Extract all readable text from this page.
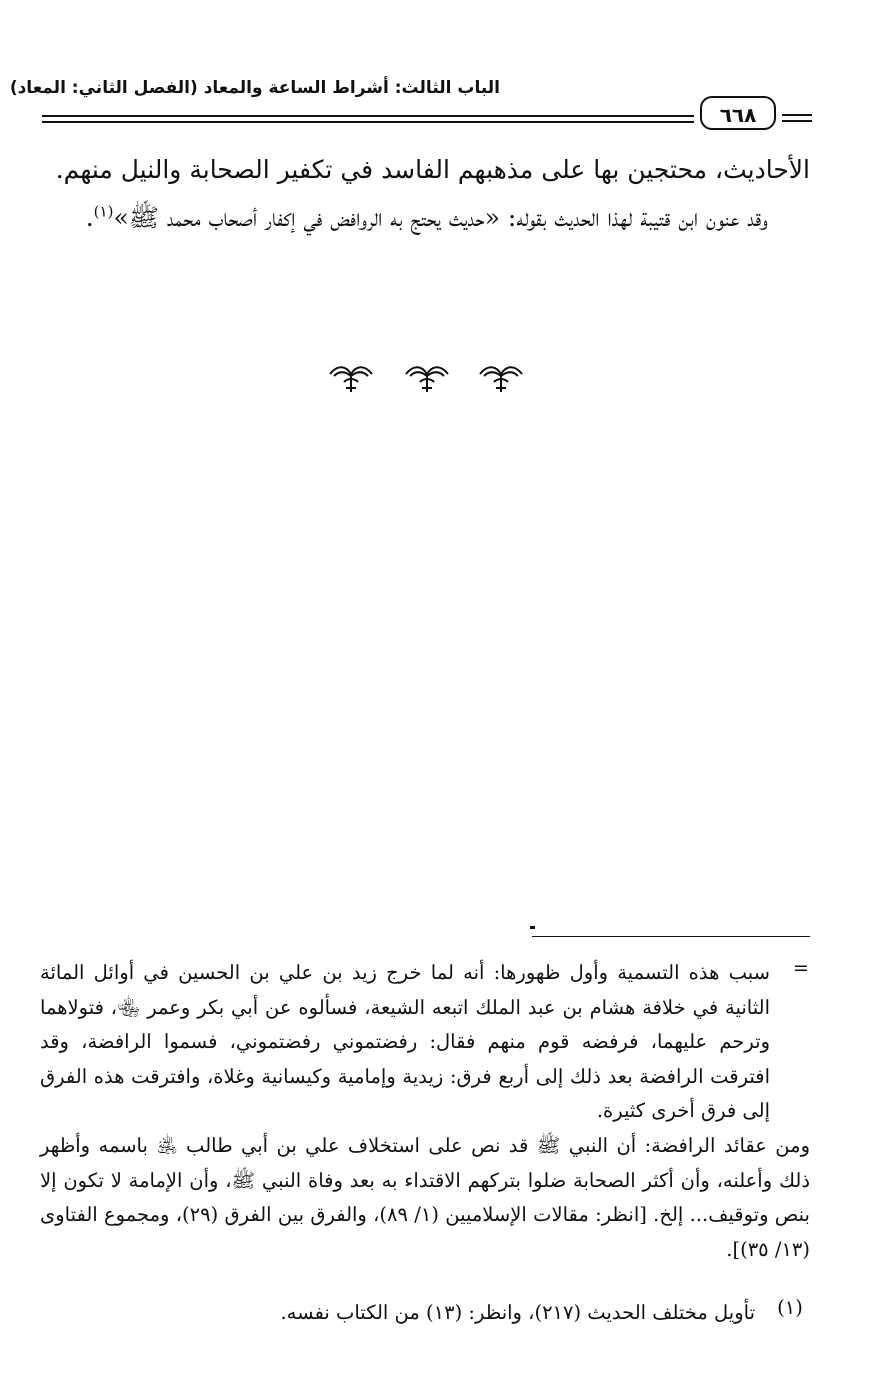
الباب الثالث: أشراط الساعة والمعاد (الفصل الثاني: المعاد)
٦٦٨

الأحاديث، محتجين بها على مذهبهم الفاسد في تكفير الصحابة والنيل منهم.

وقد عنون ابن قتيبة لهذا الحديث بقوله: «حديث يحتج به الروافض في إكفار أصحاب محمد ﷺ»$^{(١)}$.

=

سبب هذه التسمية وأول ظهورها: أنه لما خرج زيد بن علي بن الحسين في أوائل المائة الثانية في خلافة هشام بن عبد الملك اتبعه الشيعة، فسألوه عن أبي بكر وعمر ﵄، فتولاهما وترحم عليهما، فرفضه قوم منهم فقال: رفضتموني رفضتموني، فسموا الرافضة، وقد افترقت الرافضة بعد ذلك إلى أربع فرق: زيدية وإمامية وكيسانية وغلاة، وافترقت هذه الفرق إلى فرق أخرى كثيرة.

ومن عقائد الرافضة: أن النبي ﷺ قد نص على استخلاف علي بن أبي طالب ﵁ باسمه وأظهر ذلك وأعلنه، وأن أكثر الصحابة ضلوا بتركهم الاقتداء به بعد وفاة النبي ﷺ، وأن الإمامة لا تكون إلا بنص وتوقيف... إلخ. [انظر: مقالات الإسلاميين (١/ ٨٩)، والفرق بين الفرق (٢٩)، ومجموع الفتاوى (١٣/ ٣٥)].

(١)
تأويل مختلف الحديث (٢١٧)، وانظر: (١٣) من الكتاب نفسه.
